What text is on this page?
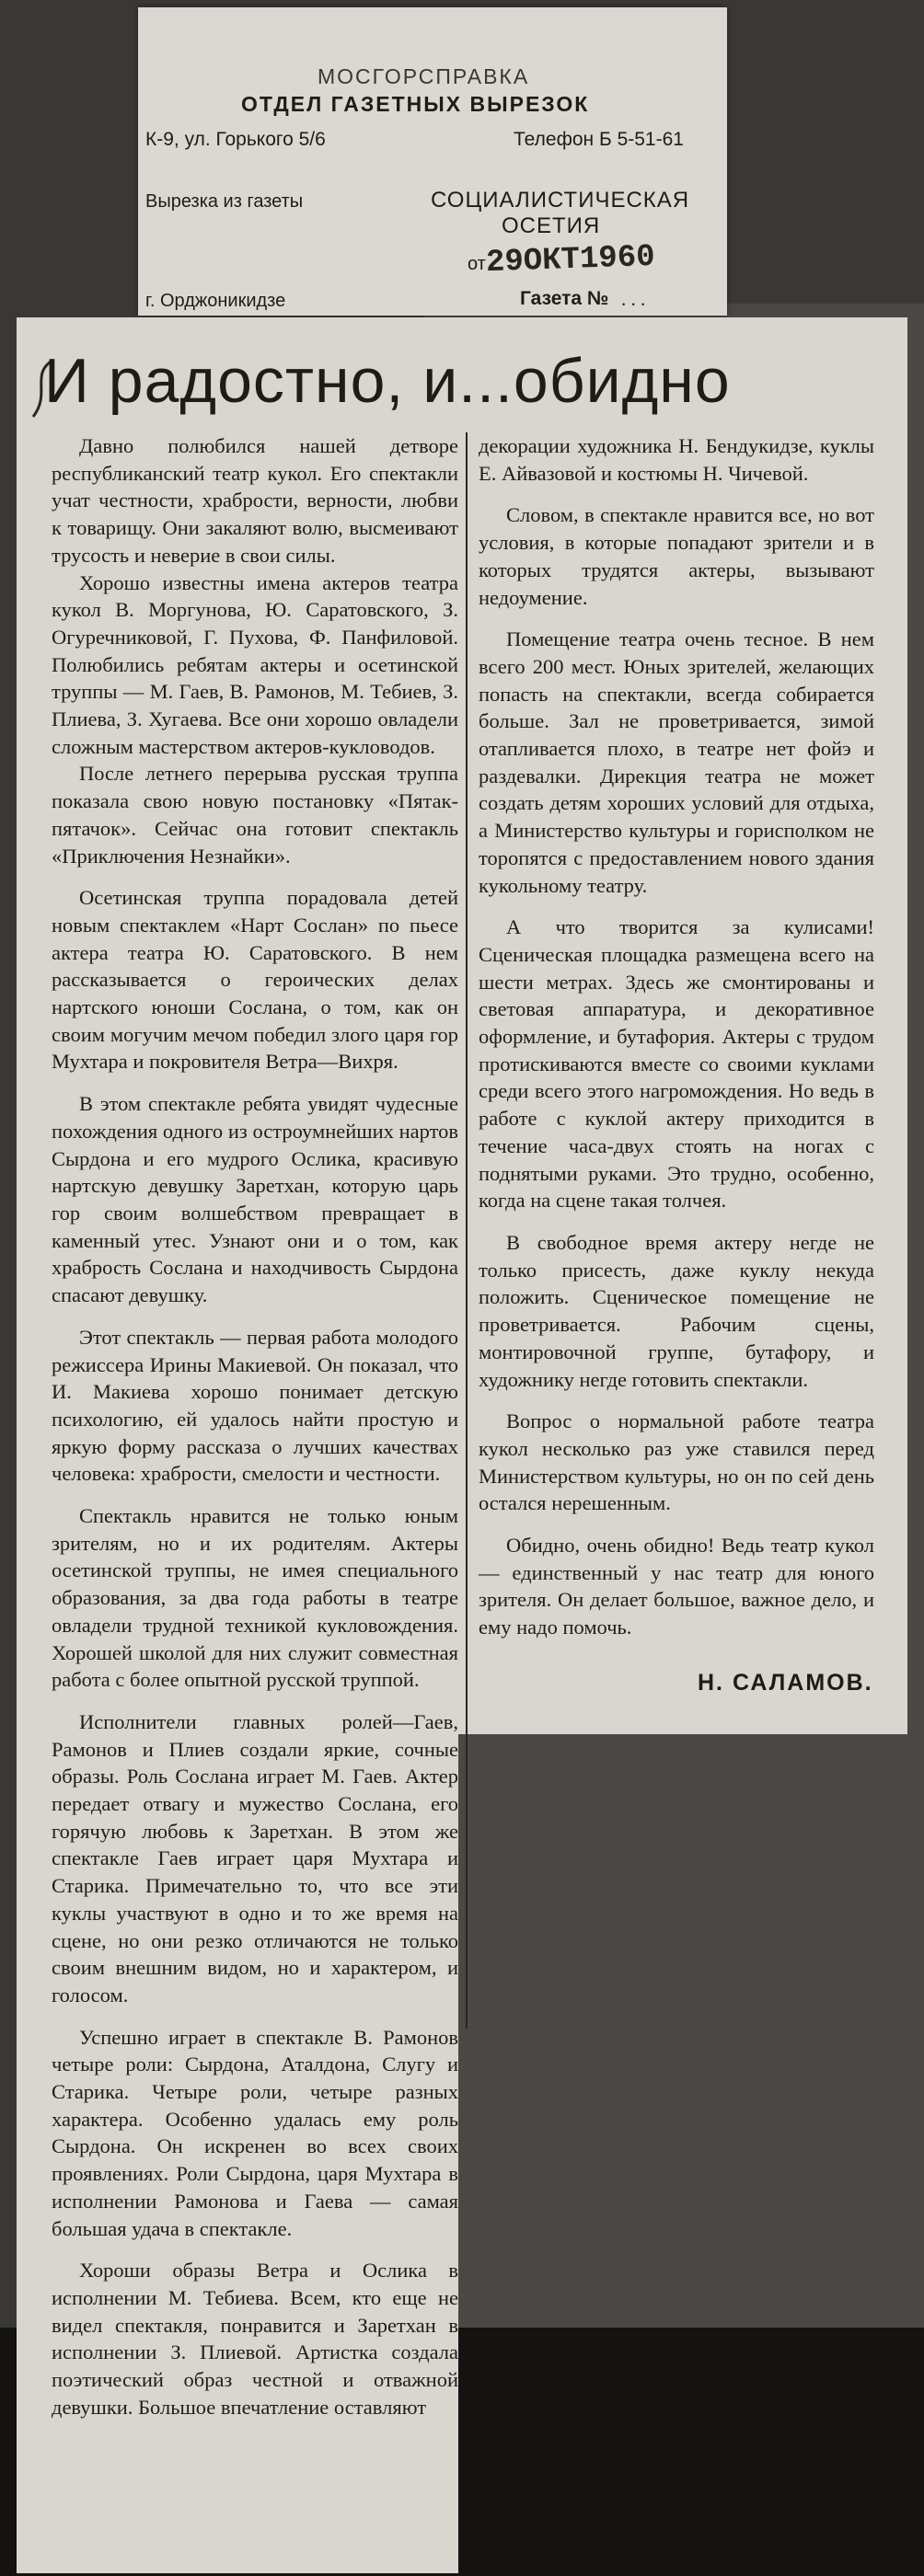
МОСГОРСПРАВКА
ОТДЕЛ ГАЗЕТНЫХ ВЫРЕЗОК
К-9, ул. Горького 5/6	Телефон Б 5-51-61
Вырезка из газеты	СОЦИАЛИСТИЧЕСКАЯ
ОСЕТИЯ
от 29ОКТ1960
г. Орджоникидзе	Газета № . . .
И радостно, и...обидно

Давно полюбился нашей детворе республиканский театр кукол. Его спектакли учат честности, храбрости, верности, любви к товарищу. Они закаляют волю, высмеивают трусость и неверие в свои силы.

Хорошо известны имена актеров театра кукол В. Моргунова, Ю. Саратовского, З. Огуречниковой, Г. Пухова, Ф. Панфиловой. Полюбились ребятам актеры и осетинской труппы — М. Гаев, В. Рамонов, М. Тебиев, З. Плиева, З. Хугаева. Все они хорошо овладели сложным мастерством актеров-кукловодов.

После летнего перерыва русская труппа показала свою новую постановку «Пятак-пятачок». Сейчас она готовит спектакль «Приключения Незнайки».

Осетинская труппа порадовала детей новым спектаклем «Нарт Сослан» по пьесе актера театра Ю. Саратовского. В нем рассказывается о героических делах нартского юноши Сослана, о том, как он своим могучим мечом победил злого царя гор Мухтара и покровителя Ветра—Вихря.

В этом спектакле ребята увидят чудесные похождения одного из остроумнейших нартов Сырдона и его мудрого Ослика, красивую нартскую девушку Заретхан, которую царь гор своим волшебством превращает в каменный утес. Узнают они и о том, как храбрость Сослана и находчивость Сырдона спасают девушку.

Этот спектакль — первая работа молодого режиссера Ирины Макиевой. Он показал, что И. Макиева хорошо понимает детскую психологию, ей удалось найти простую и яркую форму рассказа о лучших качествах человека: храбрости, смелости и честности.

Спектакль нравится не только юным зрителям, но и их родителям. Актеры осетинской труппы, не имея специального образования, за два года работы в театре овладели трудной техникой кукловождения. Хорошей школой для них служит совместная работа с более опытной русской труппой.

Исполнители главных ролей—Гаев, Рамонов и Плиев создали яркие, сочные образы. Роль Сослана играет М. Гаев. Актер передает отвагу и мужество Сослана, его горячую любовь к Заретхан. В этом же спектакле Гаев играет царя Мухтара и Старика. Примечательно то, что все эти куклы участвуют в одно и то же время на сцене, но они резко отличаются не только своим внешним видом, но и характером, и голосом.

Успешно играет в спектакле В. Рамонов четыре роли: Сырдона, Аталдона, Слугу и Старика. Четыре роли, четыре разных характера. Особенно удалась ему роль Сырдона. Он искренен во всех своих проявлениях. Роли Сырдона, царя Мухтара в исполнении Рамонова и Гаева — самая большая удача в спектакле.

Хороши образы Ветра и Ослика в исполнении М. Тебиева. Всем, кто еще не видел спектакля, понравится и Заретхан в исполнении З. Плиевой. Артистка создала поэтический образ честной и отважной девушки. Большое впечатление оставляют

декорации художника Н. Бендукидзе, куклы Е. Айвазовой и костюмы Н. Чичевой.

Словом, в спектакле нравится все, но вот условия, в которые попадают зрители и в которых трудятся актеры, вызывают недоумение.

Помещение театра очень тесное. В нем всего 200 мест. Юных зрителей, желающих попасть на спектакли, всегда собирается больше. Зал не проветривается, зимой отапливается плохо, в театре нет фойэ и раздевалки. Дирекция театра не может создать детям хороших условий для отдыха, а Министерство культуры и горисполком не торопятся с предоставлением нового здания кукольному театру.

А что творится за кулисами! Сценическая площадка размещена всего на шести метрах. Здесь же смонтированы и световая аппаратура, и декоративное оформление, и бутафория. Актеры с трудом протискиваются вместе со своими куклами среди всего этого нагромождения. Но ведь в работе с куклой актеру приходится в течение часа-двух стоять на ногах с поднятыми руками. Это трудно, особенно, когда на сцене такая толчея.

В свободное время актеру негде не только присесть, даже куклу некуда положить. Сценическое помещение не проветривается. Рабочим сцены, монтировочной группе, бутафору, и художнику негде готовить спектакли.

Вопрос о нормальной работе театра кукол несколько раз уже ставился перед Министерством культуры, но он по сей день остался нерешенным.

Обидно, очень обидно! Ведь театр кукол — единственный у нас театр для юного зрителя. Он делает большое, важное дело, и ему надо помочь.

Н. САЛАМОВ.
